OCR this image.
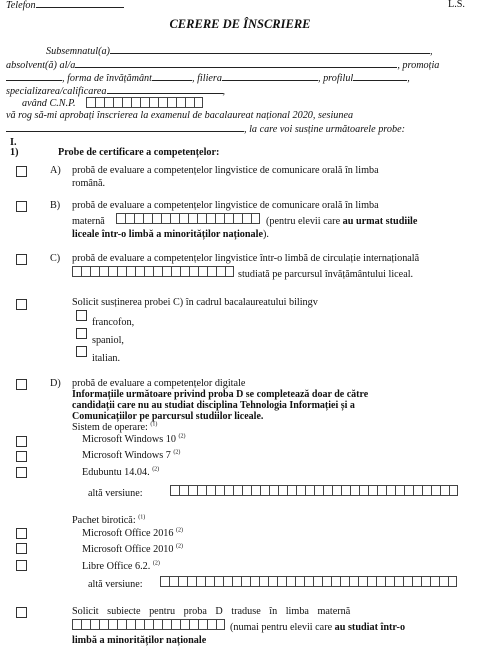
Telefon	L.S.
CERERE DE ÎNSCRIERE
Subsemnatul(a)	,
absolvent(ă) al/a	, promoția
, forma de învățământ	, filiera	, profilul	,
specializarea/calificarea	,
având C.N.P.
vă rog să-mi aprobați înscrierea la examenul de bacalaureat național 2020, sesiunea
, la care voi susține următoarele probe:
I.
1)	Probe de certificare a competențelor:
A) probă de evaluare a competențelor lingvistice de comunicare orală în limba
română.
B) probă de evaluare a competențelor lingvistice de comunicare orală în limba
maternă	(pentru elevii care au urmat studiile
liceale într-o limbă a minorităților naționale).
C) probă de evaluare a competențelor lingvistice într-o limbă de circulație internațională
studiată pe parcursul învățământului liceal.
Solicit susținerea probei C) în cadrul bacalaureatului bilingv
francofon,
spaniol,
italian.
D) probă de evaluare a competențelor digitale
Informațiile următoare privind proba D se completează doar de către
candidații care nu au studiat disciplina Tehnologia Informației și a
Comunicațiilor pe parcursul studiilor liceale.
Sistem de operare: $^{(1)}$
Microsoft Windows 10 $^{(2)}$
Microsoft Windows 7 $^{(2)}$
Edubuntu 14.04. $^{(2)}$
altă versiune:
Pachet birotică: $^{(1)}$
Microsoft Office 2016 $^{(2)}$
Microsoft Office 2010 $^{(2)}$
Libre Office 6.2. $^{(2)}$
altă versiune:
Solicit subiecte pentru proba D traduse în limba maternă
(numai pentru elevii care au studiat într-o
limbă a minorităților naționale
